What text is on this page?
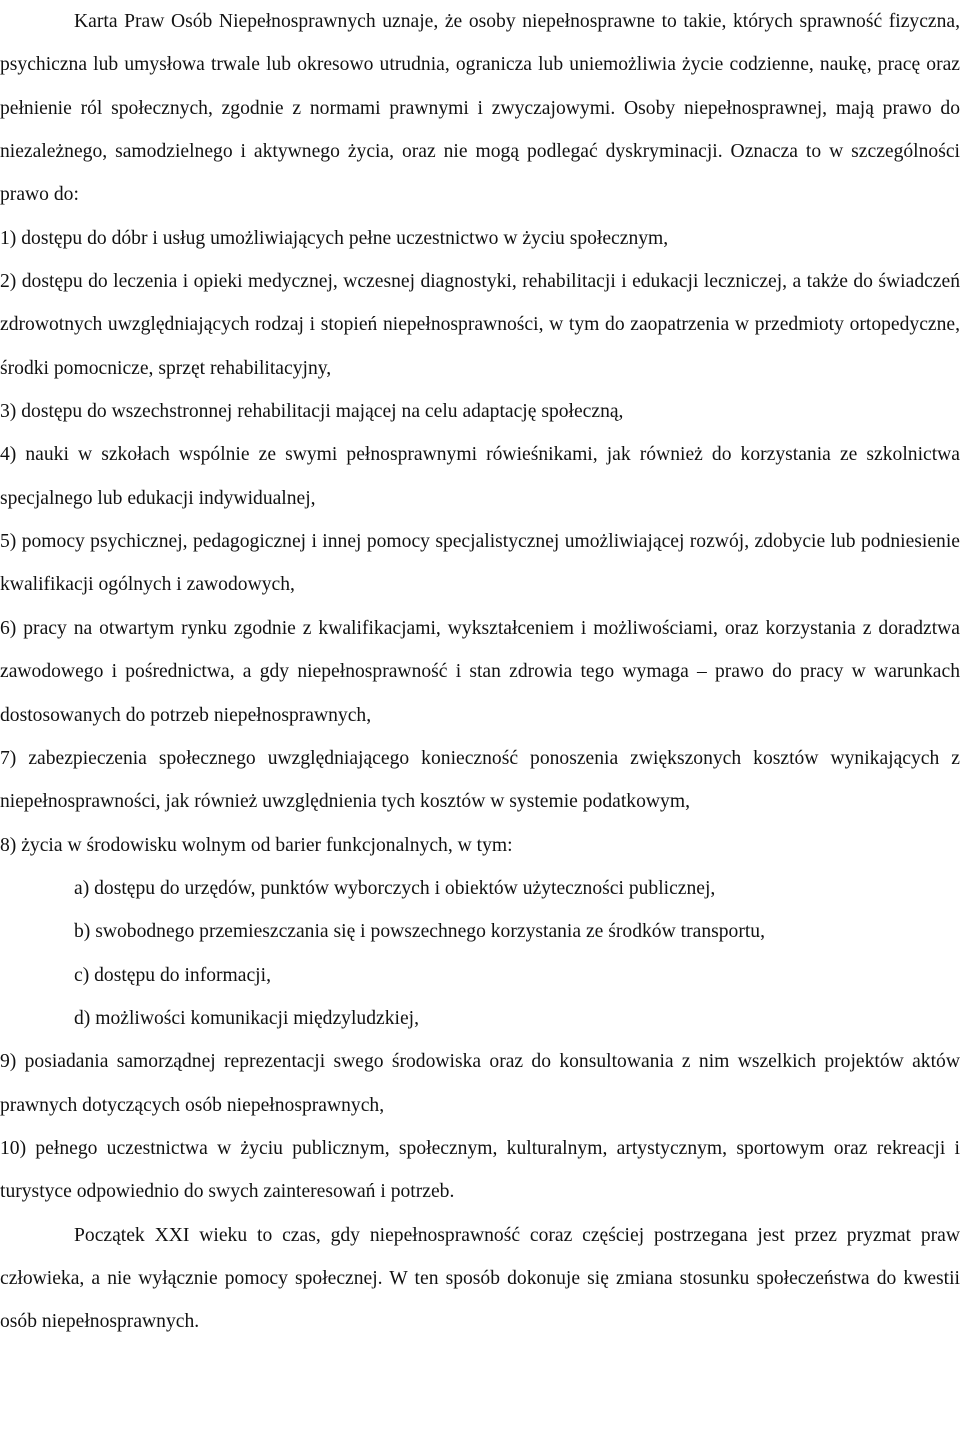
Karta Praw Osób Niepełnosprawnych uznaje, że osoby niepełnosprawne to takie, których sprawność fizyczna, psychiczna lub umysłowa trwale lub okresowo utrudnia, ogranicza lub uniemożliwia życie codzienne, naukę, pracę oraz pełnienie ról społecznych, zgodnie z normami prawnymi i zwyczajowymi. Osoby niepełnosprawnej, mają prawo do niezależnego, samodzielnego i aktywnego życia, oraz nie mogą podlegać dyskryminacji. Oznacza to w szczególności prawo do:

1) dostępu do dóbr i usług umożliwiających pełne uczestnictwo w życiu społecznym,

2) dostępu do leczenia i opieki medycznej, wczesnej diagnostyki, rehabilitacji i edukacji leczniczej, a także do świadczeń zdrowotnych uwzględniających rodzaj i stopień niepełnosprawności, w tym do zaopatrzenia w przedmioty ortopedyczne, środki pomocnicze, sprzęt rehabilitacyjny,

3) dostępu do wszechstronnej rehabilitacji mającej na celu adaptację społeczną,

4) nauki w szkołach wspólnie ze swymi pełnosprawnymi rówieśnikami, jak również do korzystania ze szkolnictwa specjalnego lub edukacji indywidualnej,

5) pomocy psychicznej, pedagogicznej i innej pomocy specjalistycznej umożliwiającej rozwój, zdobycie lub podniesienie kwalifikacji ogólnych i zawodowych,

6) pracy na otwartym rynku zgodnie z kwalifikacjami, wykształceniem i możliwościami, oraz korzystania z doradztwa zawodowego i pośrednictwa, a gdy niepełnosprawność i stan zdrowia tego wymaga – prawo do pracy w warunkach dostosowanych do potrzeb niepełnosprawnych,

7) zabezpieczenia społecznego uwzględniającego konieczność ponoszenia zwiększonych kosztów wynikających z niepełnosprawności, jak również uwzględnienia tych kosztów w systemie podatkowym,

8) życia w środowisku wolnym od barier funkcjonalnych, w tym:

a) dostępu do urzędów, punktów wyborczych i obiektów użyteczności publicznej,

b) swobodnego przemieszczania się i powszechnego korzystania ze środków transportu,

c) dostępu do informacji,

d) możliwości komunikacji międzyludzkiej,

9) posiadania samorządnej reprezentacji swego środowiska oraz do konsultowania z nim wszelkich projektów aktów prawnych dotyczących osób niepełnosprawnych,

10) pełnego uczestnictwa w życiu publicznym, społecznym, kulturalnym, artystycznym, sportowym oraz rekreacji i turystyce odpowiednio do swych zainteresowań i potrzeb.

Początek XXI wieku to czas, gdy niepełnosprawność coraz częściej postrzegana jest przez pryzmat praw człowieka, a nie wyłącznie pomocy społecznej. W ten sposób dokonuje się zmiana stosunku społeczeństwa do kwestii osób niepełnosprawnych.
